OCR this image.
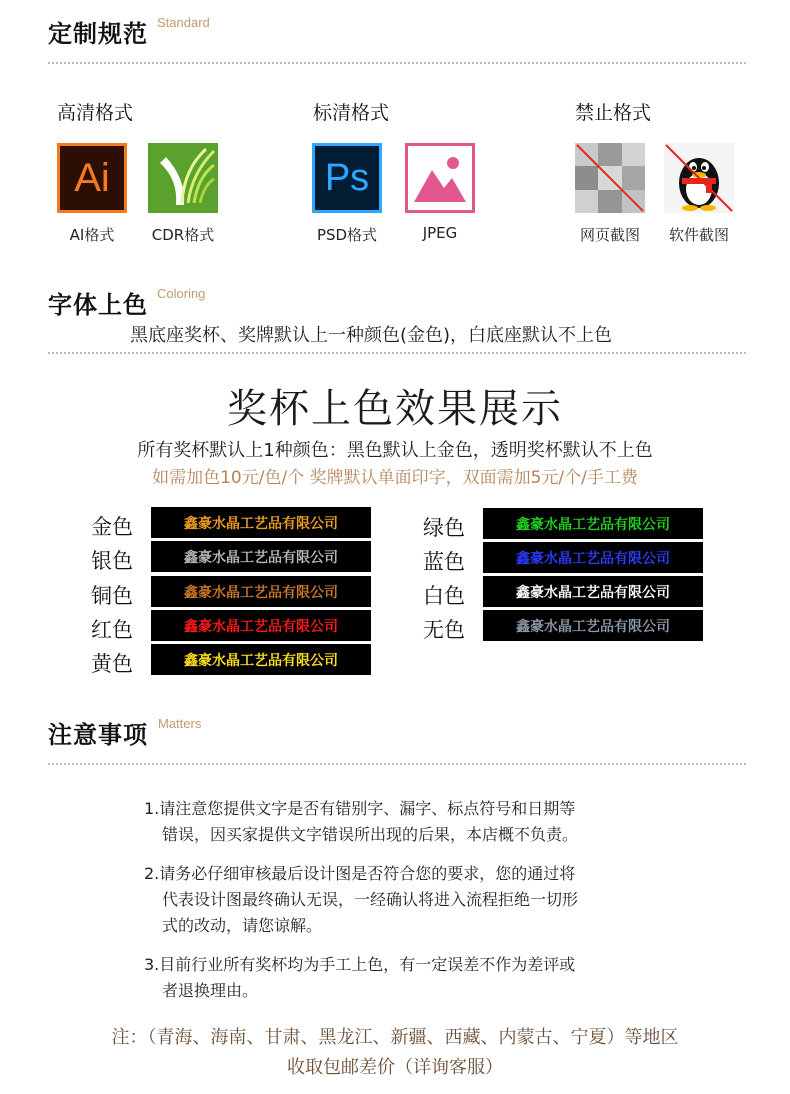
定制规范 Standard
高清格式	标清格式	禁止格式
Ai
AI格式	CDR格式
Ps
PSD格式	JPEG	网页截图	软件截图
字体上色 Coloring
黑底座奖杯、奖牌默认上一种颜色(金色)，白底座默认不上色
奖杯上色效果展示
所有奖杯默认上1种颜色：黑色默认上金色，透明奖杯默认不上色
如需加色10元/色/个 奖牌默认单面印字，双面需加5元/个/手工费
金色	鑫豪水晶工艺品有限公司
银色	鑫豪水晶工艺品有限公司
铜色	鑫豪水晶工艺品有限公司
红色	鑫豪水晶工艺品有限公司
黄色	鑫豪水晶工艺品有限公司
绿色	鑫豪水晶工艺品有限公司
蓝色	鑫豪水晶工艺品有限公司
白色	鑫豪水晶工艺品有限公司
无色	鑫豪水晶工艺品有限公司
注意事项 Matters
1.请注意您提供文字是否有错别字、漏字、标点符号和日期等
错误，因买家提供文字错误所出现的后果，本店概不负责。
2.请务必仔细审核最后设计图是否符合您的要求，您的通过将
代表设计图最终确认无误，一经确认将进入流程拒绝一切形
式的改动，请您谅解。
3.目前行业所有奖杯均为手工上色，有一定误差不作为差评或
者退换理由。
注：（青海、海南、甘肃、黑龙江、新疆、西藏、内蒙古、宁夏）等地区
收取包邮差价（详询客服）
